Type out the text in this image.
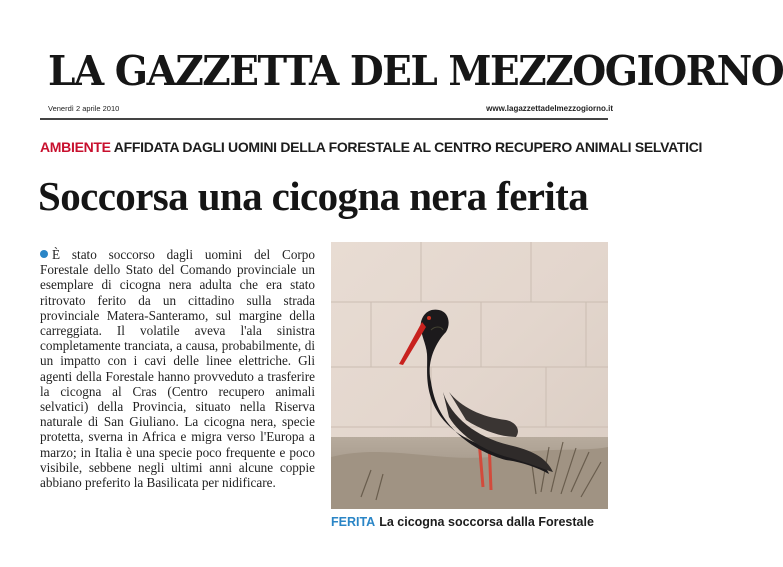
LA GAZZETTA DEL MEZZOGIORNO
Venerdì 2 aprile 2010	www.lagazzettadelmezzogiorno.it
AMBIENTE AFFIDATA DAGLI UOMINI DELLA FORESTALE AL CENTRO RECUPERO ANIMALI SELVATICI
Soccorsa una cicogna nera ferita
È stato soccorso dagli uomini del Corpo Forestale dello Stato del Comando provinciale un esemplare di cicogna nera adulta che era stato ritrovato ferito da un cittadino sulla strada provinciale Matera-Santeramo, sul margine della carreggiata. Il volatile aveva l'ala sinistra completamente tranciata, a causa, probabilmente, di un impatto con i cavi delle linee elettriche. Gli agenti della Forestale hanno provveduto a trasferire la cicogna al Cras (Centro recupero animali selvatici) della Provincia, situato nella Riserva naturale di San Giuliano. La cicogna nera, specie protetta, sverna in Africa e migra verso l'Europa a marzo; in Italia è una specie poco frequente e poco visibile, sebbene negli ultimi anni alcune coppie abbiano preferito la Basilicata per nidificare.
FERITA La cicogna soccorsa dalla Forestale
